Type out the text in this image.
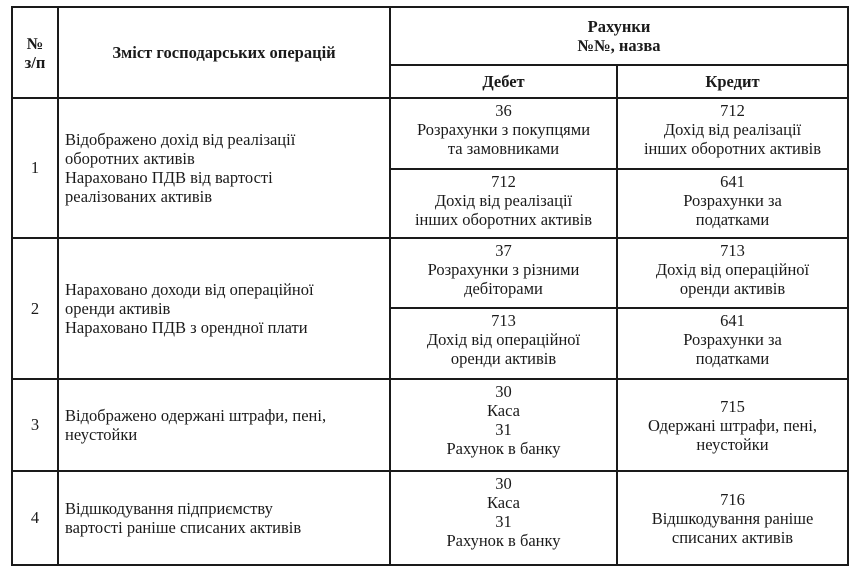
№
з/п	Зміст господарських операцій	Рахунки
№№, назва	

		Дебет	Кредит
1	Відображено дохід від реалізації
оборотних активів
Нараховано ПДВ від вартості
реалізованих активів	36
Розрахунки з покупцями
та замовниками	712
Дохід від реалізації
інших оборотних активів

		712
Дохід від реалізації
інших оборотних активів	641
Розрахунки за
податками

2	Нараховано доходи від операційної
оренди активів
Нараховано ПДВ з орендної плати	37
Розрахунки з різними
дебіторами	713
Дохід від операційної
оренди активів

		713
Дохід від операційної
оренди активів	641
Розрахунки за
податками

3	Відображено одержані штрафи, пені,
неустойки	30
Каса
31
Рахунок в банку	715
Одержані штрафи, пені,
неустойки

4	Відшкодування підприємству
вартості раніше списаних активів	30
Каса
31
Рахунок в банку	716
Відшкодування раніше
списаних активів
